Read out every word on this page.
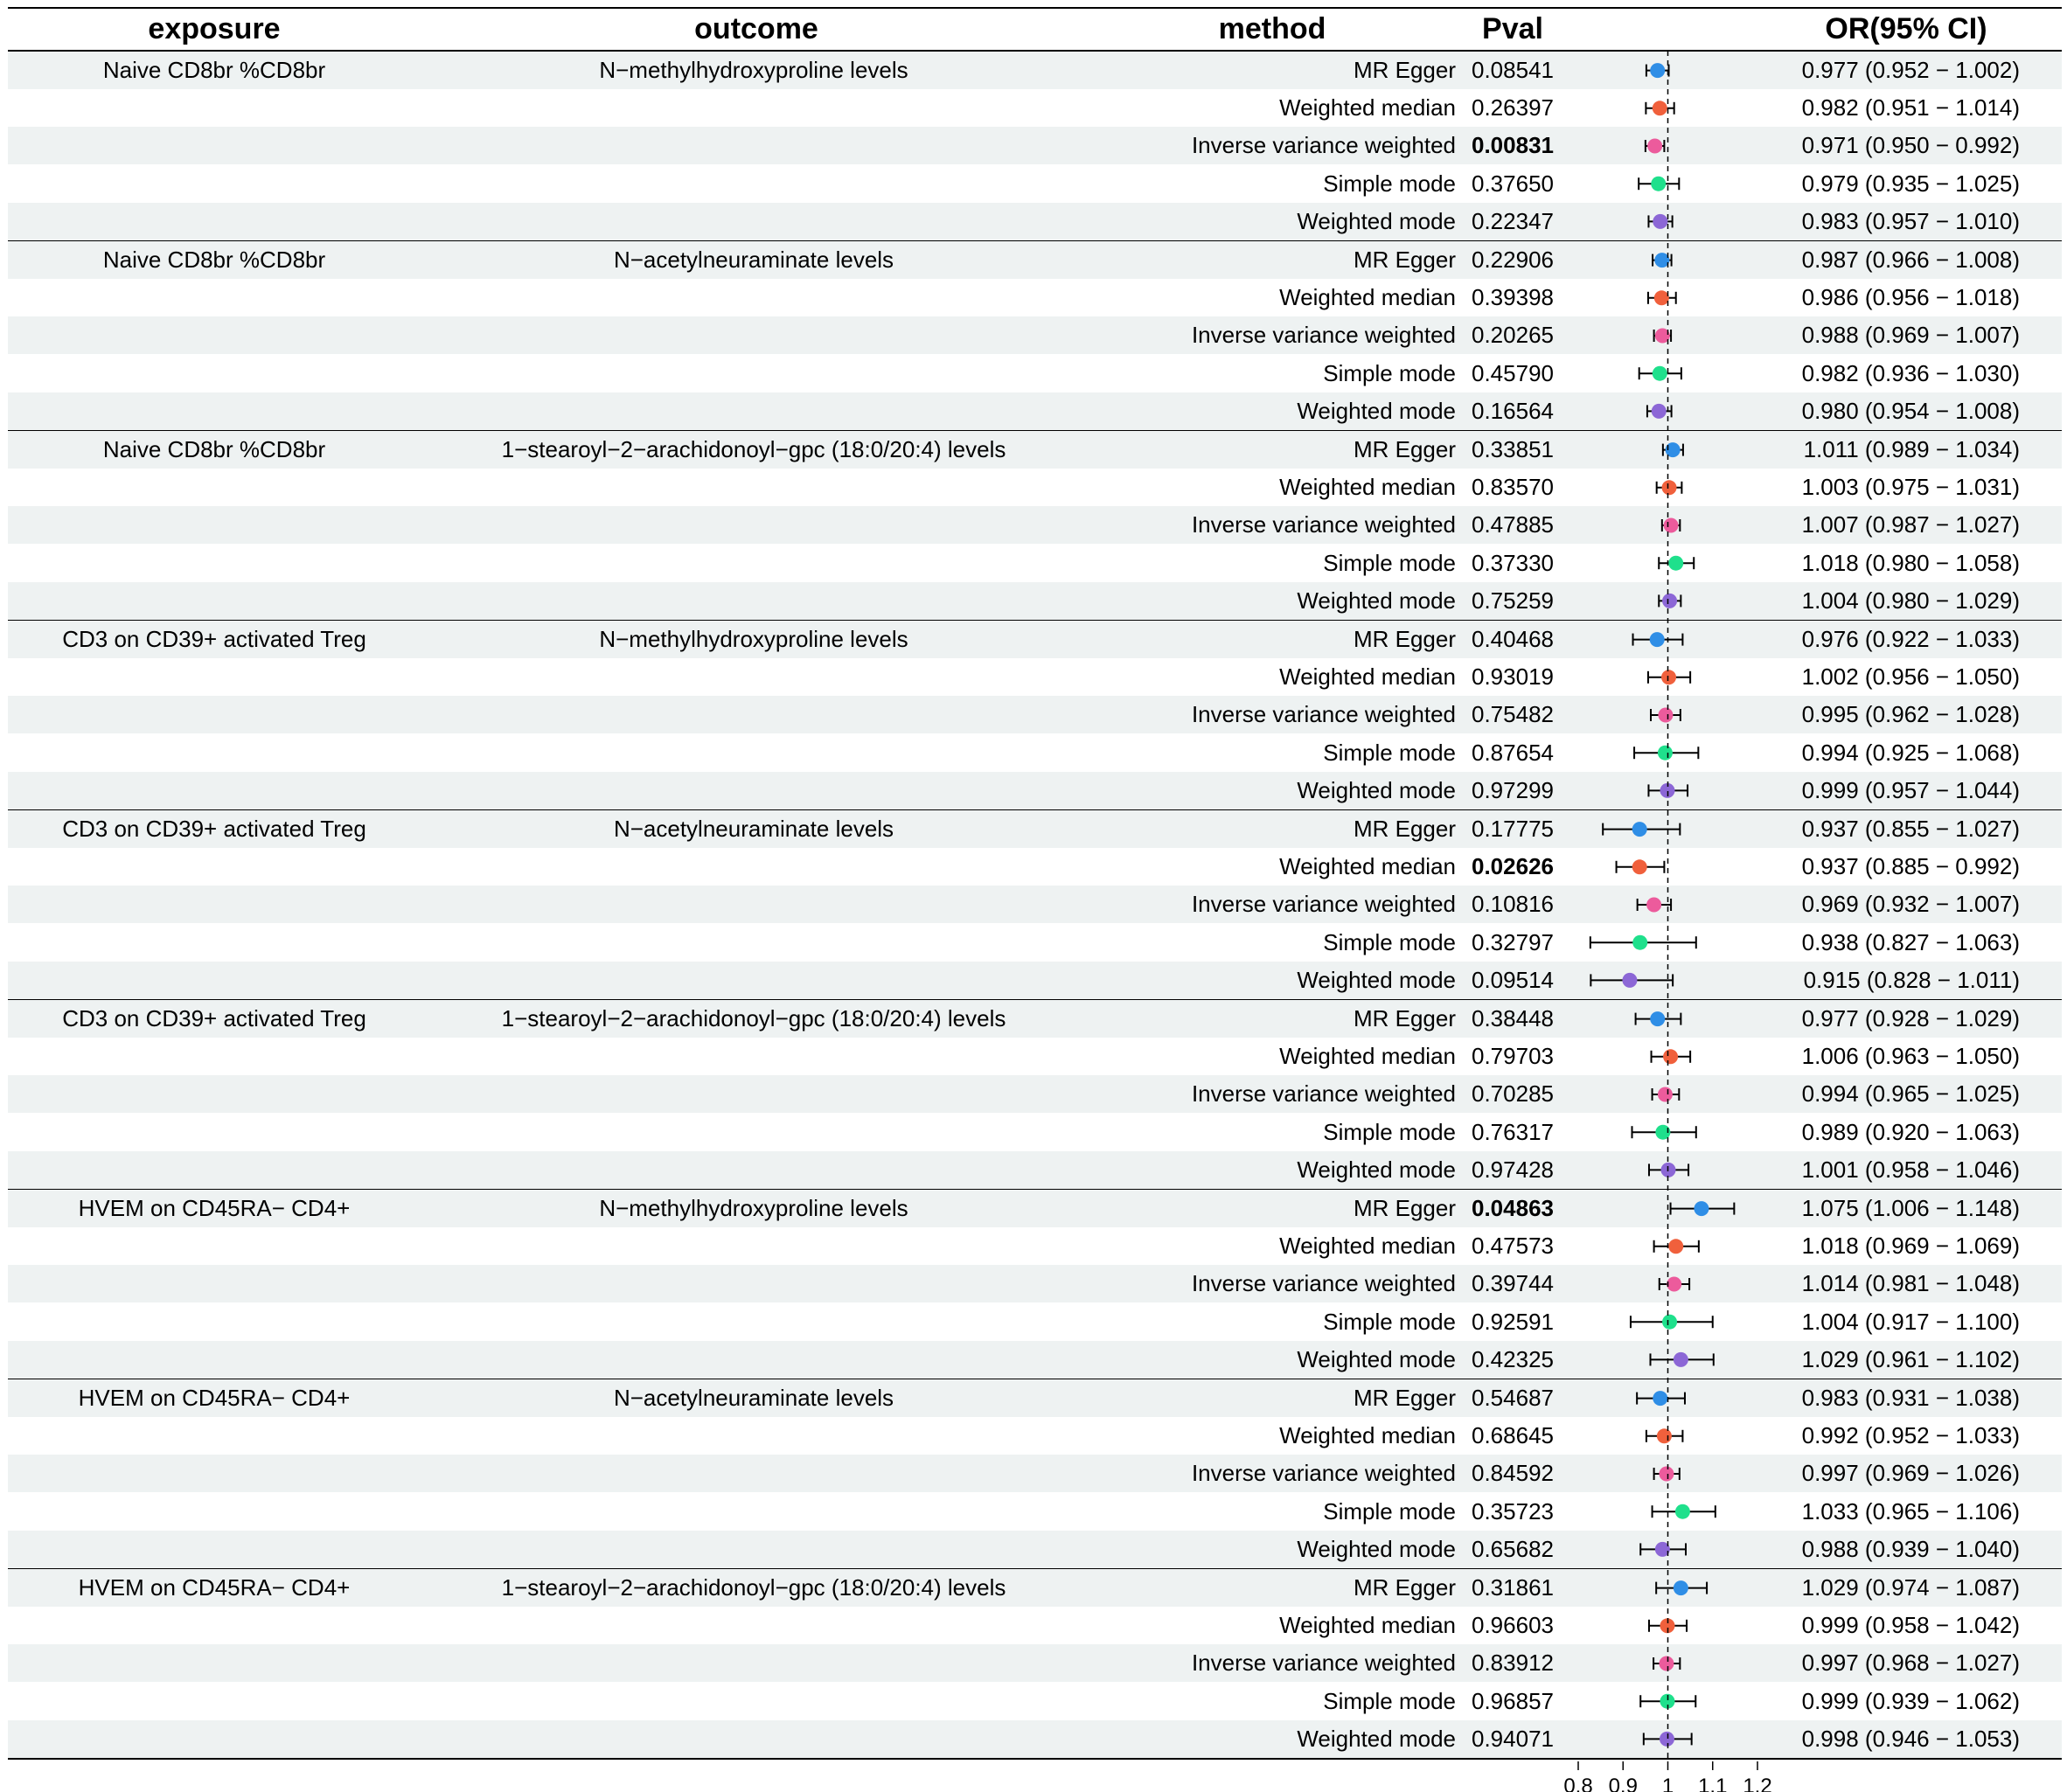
exposure	outcome	method	Pval	OR(95% CI)
Naive CD8br %CD8br	N−methylhydroxyproline levels	MR Egger 0.08541	0.977 (0.952 − 1.002)
Weighted median 0.26397	0.982 (0.951 − 1.014)
Inverse variance weighted 0.00831	0.971 (0.950 − 0.992)
Simple mode 0.37650	0.979 (0.935 − 1.025)
Weighted mode 0.22347	0.983 (0.957 − 1.010)
Naive CD8br %CD8br	N−acetylneuraminate levels	MR Egger 0.22906	0.987 (0.966 − 1.008)
Weighted median 0.39398	0.986 (0.956 − 1.018)
Inverse variance weighted 0.20265	0.988 (0.969 − 1.007)
Simple mode 0.45790	0.982 (0.936 − 1.030)
Weighted mode 0.16564	0.980 (0.954 − 1.008)
Naive CD8br %CD8br	1−stearoyl−2−arachidonoyl−gpc (18:0/20:4) levels	MR Egger 0.33851	1.011 (0.989 − 1.034)
Weighted median 0.83570	1.003 (0.975 − 1.031)
Inverse variance weighted 0.47885	1.007 (0.987 − 1.027)
Simple mode 0.37330	1.018 (0.980 − 1.058)
Weighted mode 0.75259	1.004 (0.980 − 1.029)
CD3 on CD39+ activated Treg	N−methylhydroxyproline levels	MR Egger 0.40468	0.976 (0.922 − 1.033)
Weighted median 0.93019	1.002 (0.956 − 1.050)
Inverse variance weighted 0.75482	0.995 (0.962 − 1.028)
Simple mode 0.87654	0.994 (0.925 − 1.068)
Weighted mode 0.97299	0.999 (0.957 − 1.044)
CD3 on CD39+ activated Treg	N−acetylneuraminate levels	MR Egger 0.17775	0.937 (0.855 − 1.027)
Weighted median 0.02626	0.937 (0.885 − 0.992)
Inverse variance weighted 0.10816	0.969 (0.932 − 1.007)
Simple mode 0.32797	0.938 (0.827 − 1.063)
Weighted mode 0.09514	0.915 (0.828 − 1.011)
CD3 on CD39+ activated Treg	1−stearoyl−2−arachidonoyl−gpc (18:0/20:4) levels	MR Egger 0.38448	0.977 (0.928 − 1.029)
Weighted median 0.79703	1.006 (0.963 − 1.050)
Inverse variance weighted 0.70285	0.994 (0.965 − 1.025)
Simple mode 0.76317	0.989 (0.920 − 1.063)
Weighted mode 0.97428	1.001 (0.958 − 1.046)
HVEM on CD45RA− CD4+	N−methylhydroxyproline levels	MR Egger 0.04863	1.075 (1.006 − 1.148)
Weighted median 0.47573	1.018 (0.969 − 1.069)
Inverse variance weighted 0.39744	1.014 (0.981 − 1.048)
Simple mode 0.92591	1.004 (0.917 − 1.100)
Weighted mode 0.42325	1.029 (0.961 − 1.102)
HVEM on CD45RA− CD4+	N−acetylneuraminate levels	MR Egger 0.54687	0.983 (0.931 − 1.038)
Weighted median 0.68645	0.992 (0.952 − 1.033)
Inverse variance weighted 0.84592	0.997 (0.969 − 1.026)
Simple mode 0.35723	1.033 (0.965 − 1.106)
Weighted mode 0.65682	0.988 (0.939 − 1.040)
HVEM on CD45RA− CD4+	1−stearoyl−2−arachidonoyl−gpc (18:0/20:4) levels	MR Egger 0.31861	1.029 (0.974 − 1.087)
Weighted median 0.96603	0.999 (0.958 − 1.042)
Inverse variance weighted 0.83912	0.997 (0.968 − 1.027)
Simple mode 0.96857	0.999 (0.939 − 1.062)
Weighted mode 0.94071	0.998 (0.946 − 1.053)
0.8 0.9 1 1.1 1.2
